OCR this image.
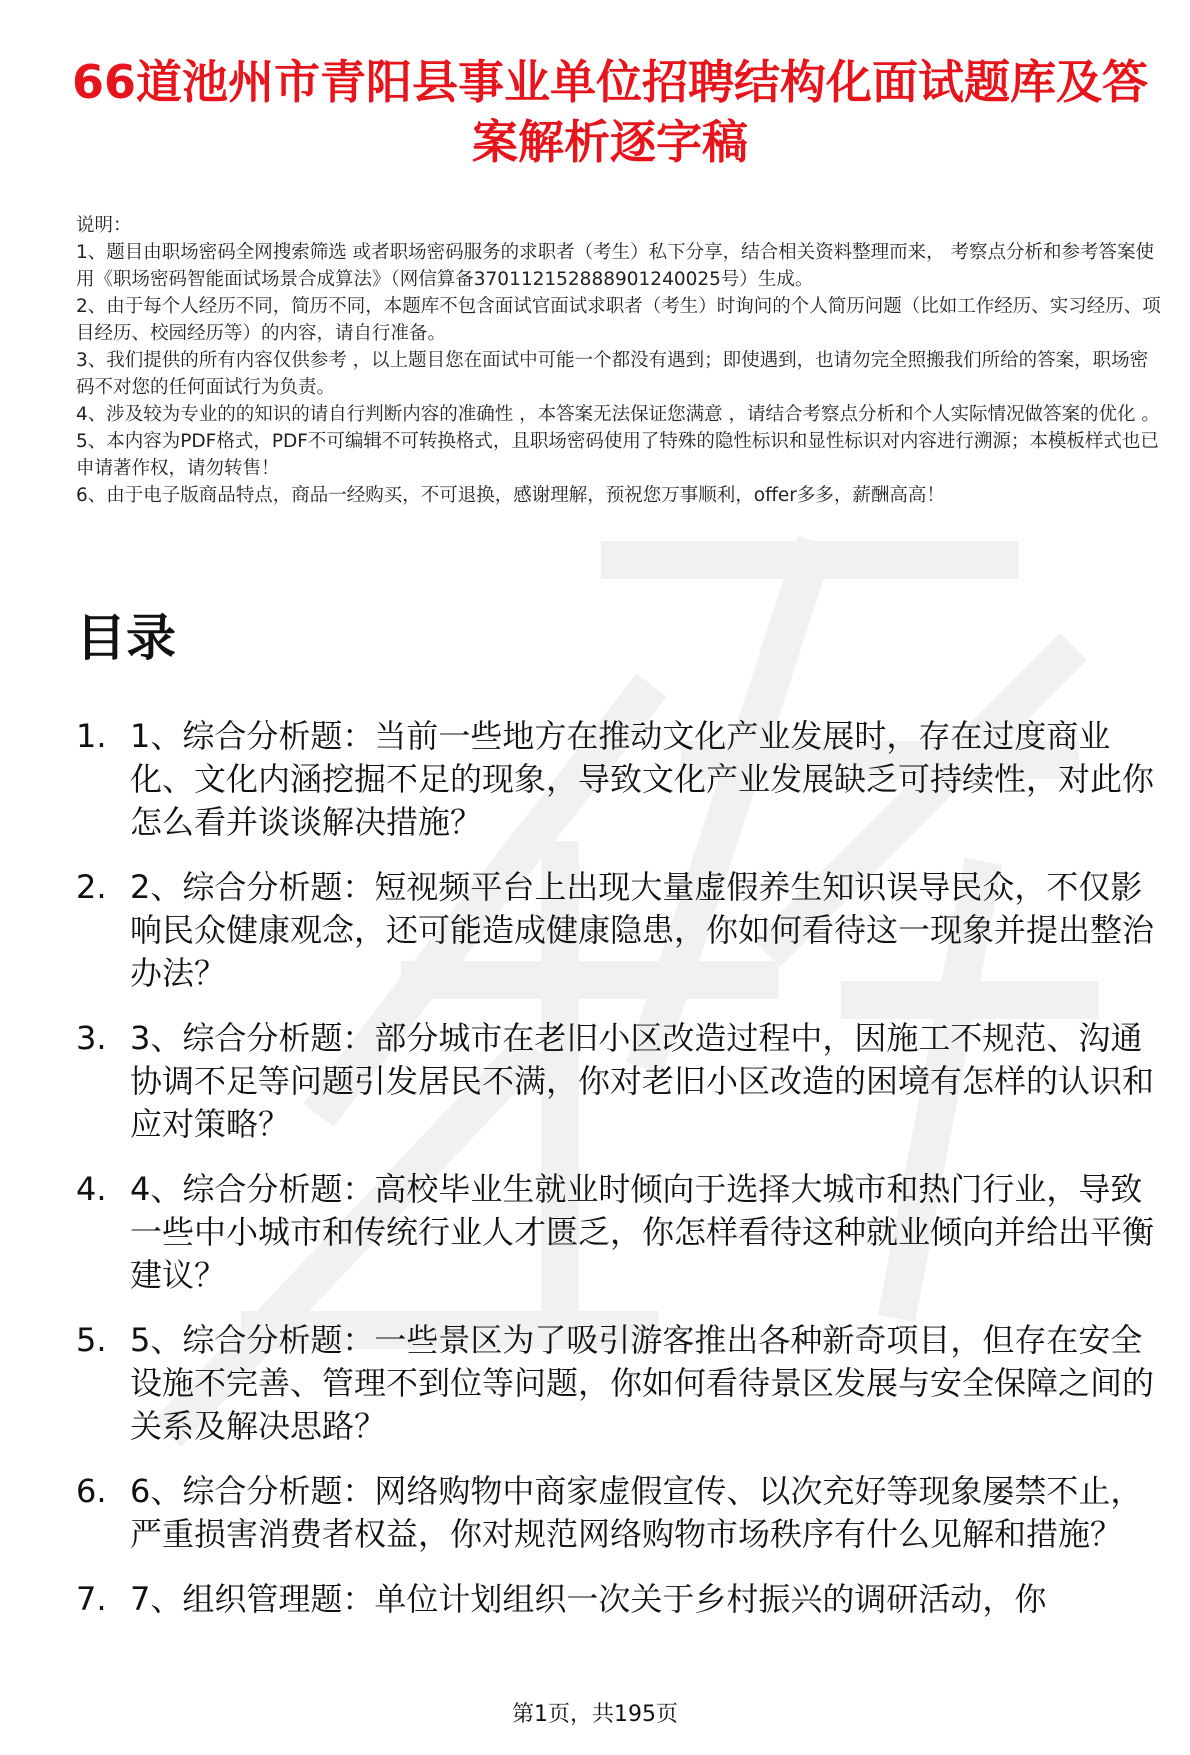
66道池州市青阳县事业单位招聘结构化面试题库及答案解析逐字稿

说明：

1、题目由职场密码全网搜索筛选 或者职场密码服务的求职者（考生）私下分享，结合相关资料整理而来， 考察点分析和参考答案使用《职场密码智能面试场景合成算法》（网信算备370112152888901240025号）生成。

2、由于每个人经历不同，简历不同，本题库不包含面试官面试求职者（考生）时询问的个人简历问题（比如工作经历、实习经历、项目经历、校园经历等）的内容，请自行准备。

3、我们提供的所有内容仅供参考 ，以上题目您在面试中可能一个都没有遇到；即使遇到，也请勿完全照搬我们所给的答案，职场密码不对您的任何面试行为负责。

4、涉及较为专业的的知识的请自行判断内容的准确性 ，本答案无法保证您满意 ，请结合考察点分析和个人实际情况做答案的优化 。

5、本内容为PDF格式，PDF不可编辑不可转换格式，且职场密码使用了特殊的隐性标识和显性标识对内容进行溯源；本模板样式也已申请著作权，请勿转售！

6、由于电子版商品特点，商品一经购买，不可退换，感谢理解，预祝您万事顺利，offer多多，薪酬高高！

目录
1. 1、综合分析题：当前一些地方在推动文化产业发展时，存在过度商业化、文化内涵挖掘不足的现象，导致文化产业发展缺乏可持续性，对此你怎么看并谈谈解决措施？
2. 2、综合分析题：短视频平台上出现大量虚假养生知识误导民众，不仅影响民众健康观念，还可能造成健康隐患，你如何看待这一现象并提出整治办法？
3. 3、综合分析题：部分城市在老旧小区改造过程中，因施工不规范、沟通协调不足等问题引发居民不满，你对老旧小区改造的困境有怎样的认识和应对策略？
4. 4、综合分析题：高校毕业生就业时倾向于选择大城市和热门行业，导致一些中小城市和传统行业人才匮乏，你怎样看待这种就业倾向并给出平衡建议？
5. 5、综合分析题：一些景区为了吸引游客推出各种新奇项目，但存在安全设施不完善、管理不到位等问题，你如何看待景区发展与安全保障之间的关系及解决思路？
6. 6、综合分析题：网络购物中商家虚假宣传、以次充好等现象屡禁不止，严重损害消费者权益，你对规范网络购物市场秩序有什么见解和措施？
7. 7、组织管理题：单位计划组织一次关于乡村振兴的调研活动，你
第1页，共195页
